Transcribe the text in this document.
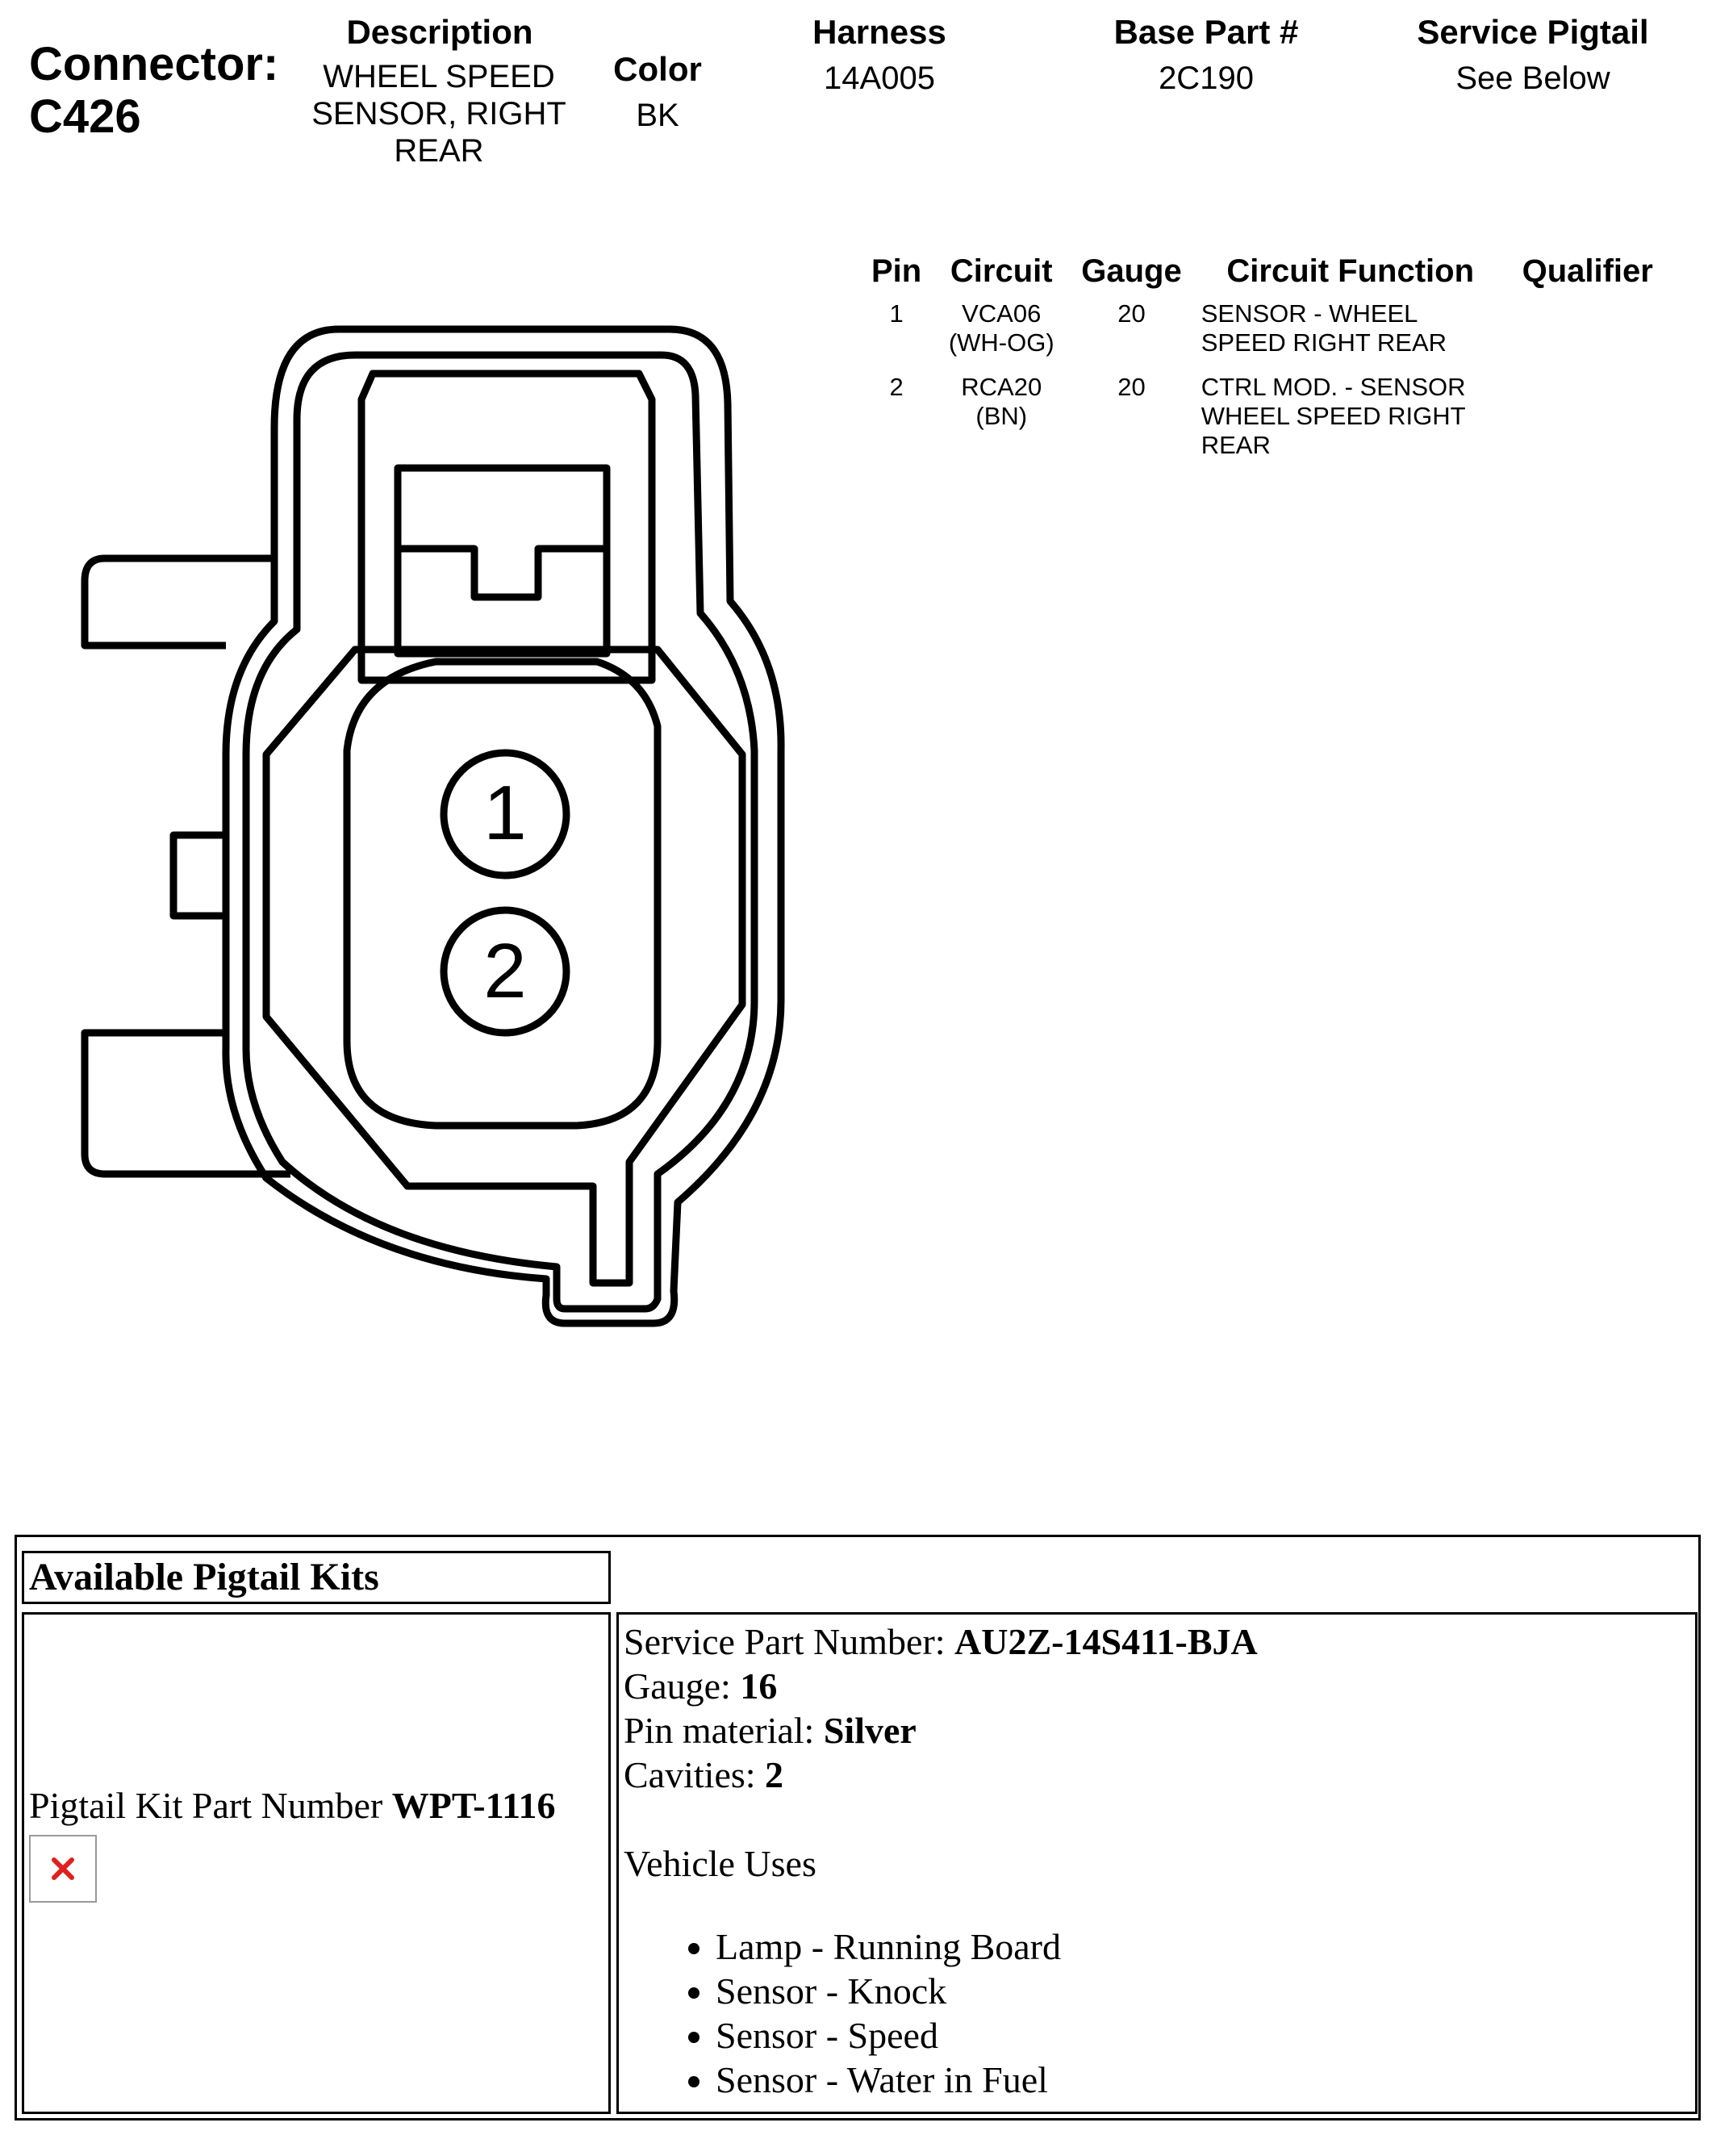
Connector:
C426
Description
WHEEL SPEED SENSOR, RIGHT REAR
Color
BK
Harness
14A005
Base Part #
2C190
Service Pigtail
See Below
Pin	Circuit	Gauge	Circuit Function	Qualifier
1	VCA06 (WH-OG)	20	SENSOR - WHEEL SPEED RIGHT REAR	
2	RCA20 (BN)	20	CTRL MOD. - SENSOR WHEEL SPEED RIGHT REAR	
1
2
Available Pigtail Kits
Pigtail Kit Part Number WPT-1116

Service Part Number: AU2Z-14S411-BJA

Gauge: 16

Pin material: Silver

Cavities: 2

Vehicle Uses

• Lamp - Running Board
• Sensor - Knock
• Sensor - Speed
• Sensor - Water in Fuel
